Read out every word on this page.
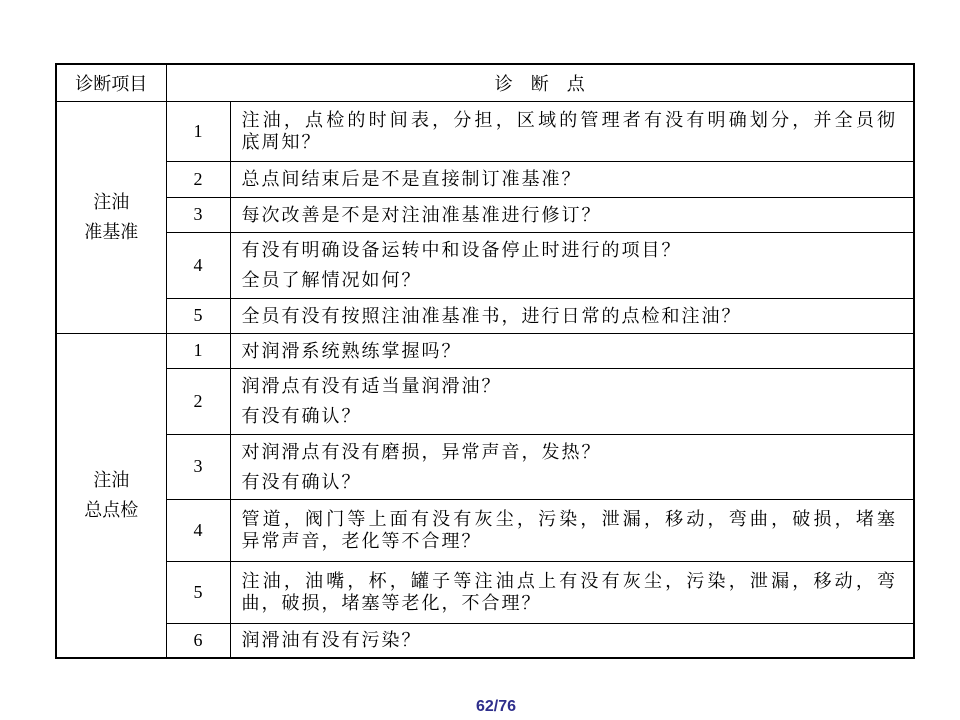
诊断项目	诊　断　点	

注油
准基准	1	注油，点检的时间表，分担，区域的管理者有没有明确划分，并全员彻
底周知？

	2	总点间结束后是不是直接制订准基准？

	3	每次改善是不是对注油准基准进行修订？

	4	有没有明确设备运转中和设备停止时进行的项目？
全员了解情况如何？

	5	全员有没有按照注油准基准书，进行日常的点检和注油？

注油
总点检	1	对润滑系统熟练掌握吗？

	2	润滑点有没有适当量润滑油？
有没有确认？

	3	对润滑点有没有磨损，异常声音，发热？
有没有确认？

	4	管道，阀门等上面有没有灰尘，污染，泄漏，移动，弯曲，破损，堵塞
异常声音，老化等不合理？

	5	注油，油嘴，杯，罐子等注油点上有没有灰尘，污染，泄漏，移动，弯
曲，破损，堵塞等老化，不合理？

	6	润滑油有没有污染？
62/76
